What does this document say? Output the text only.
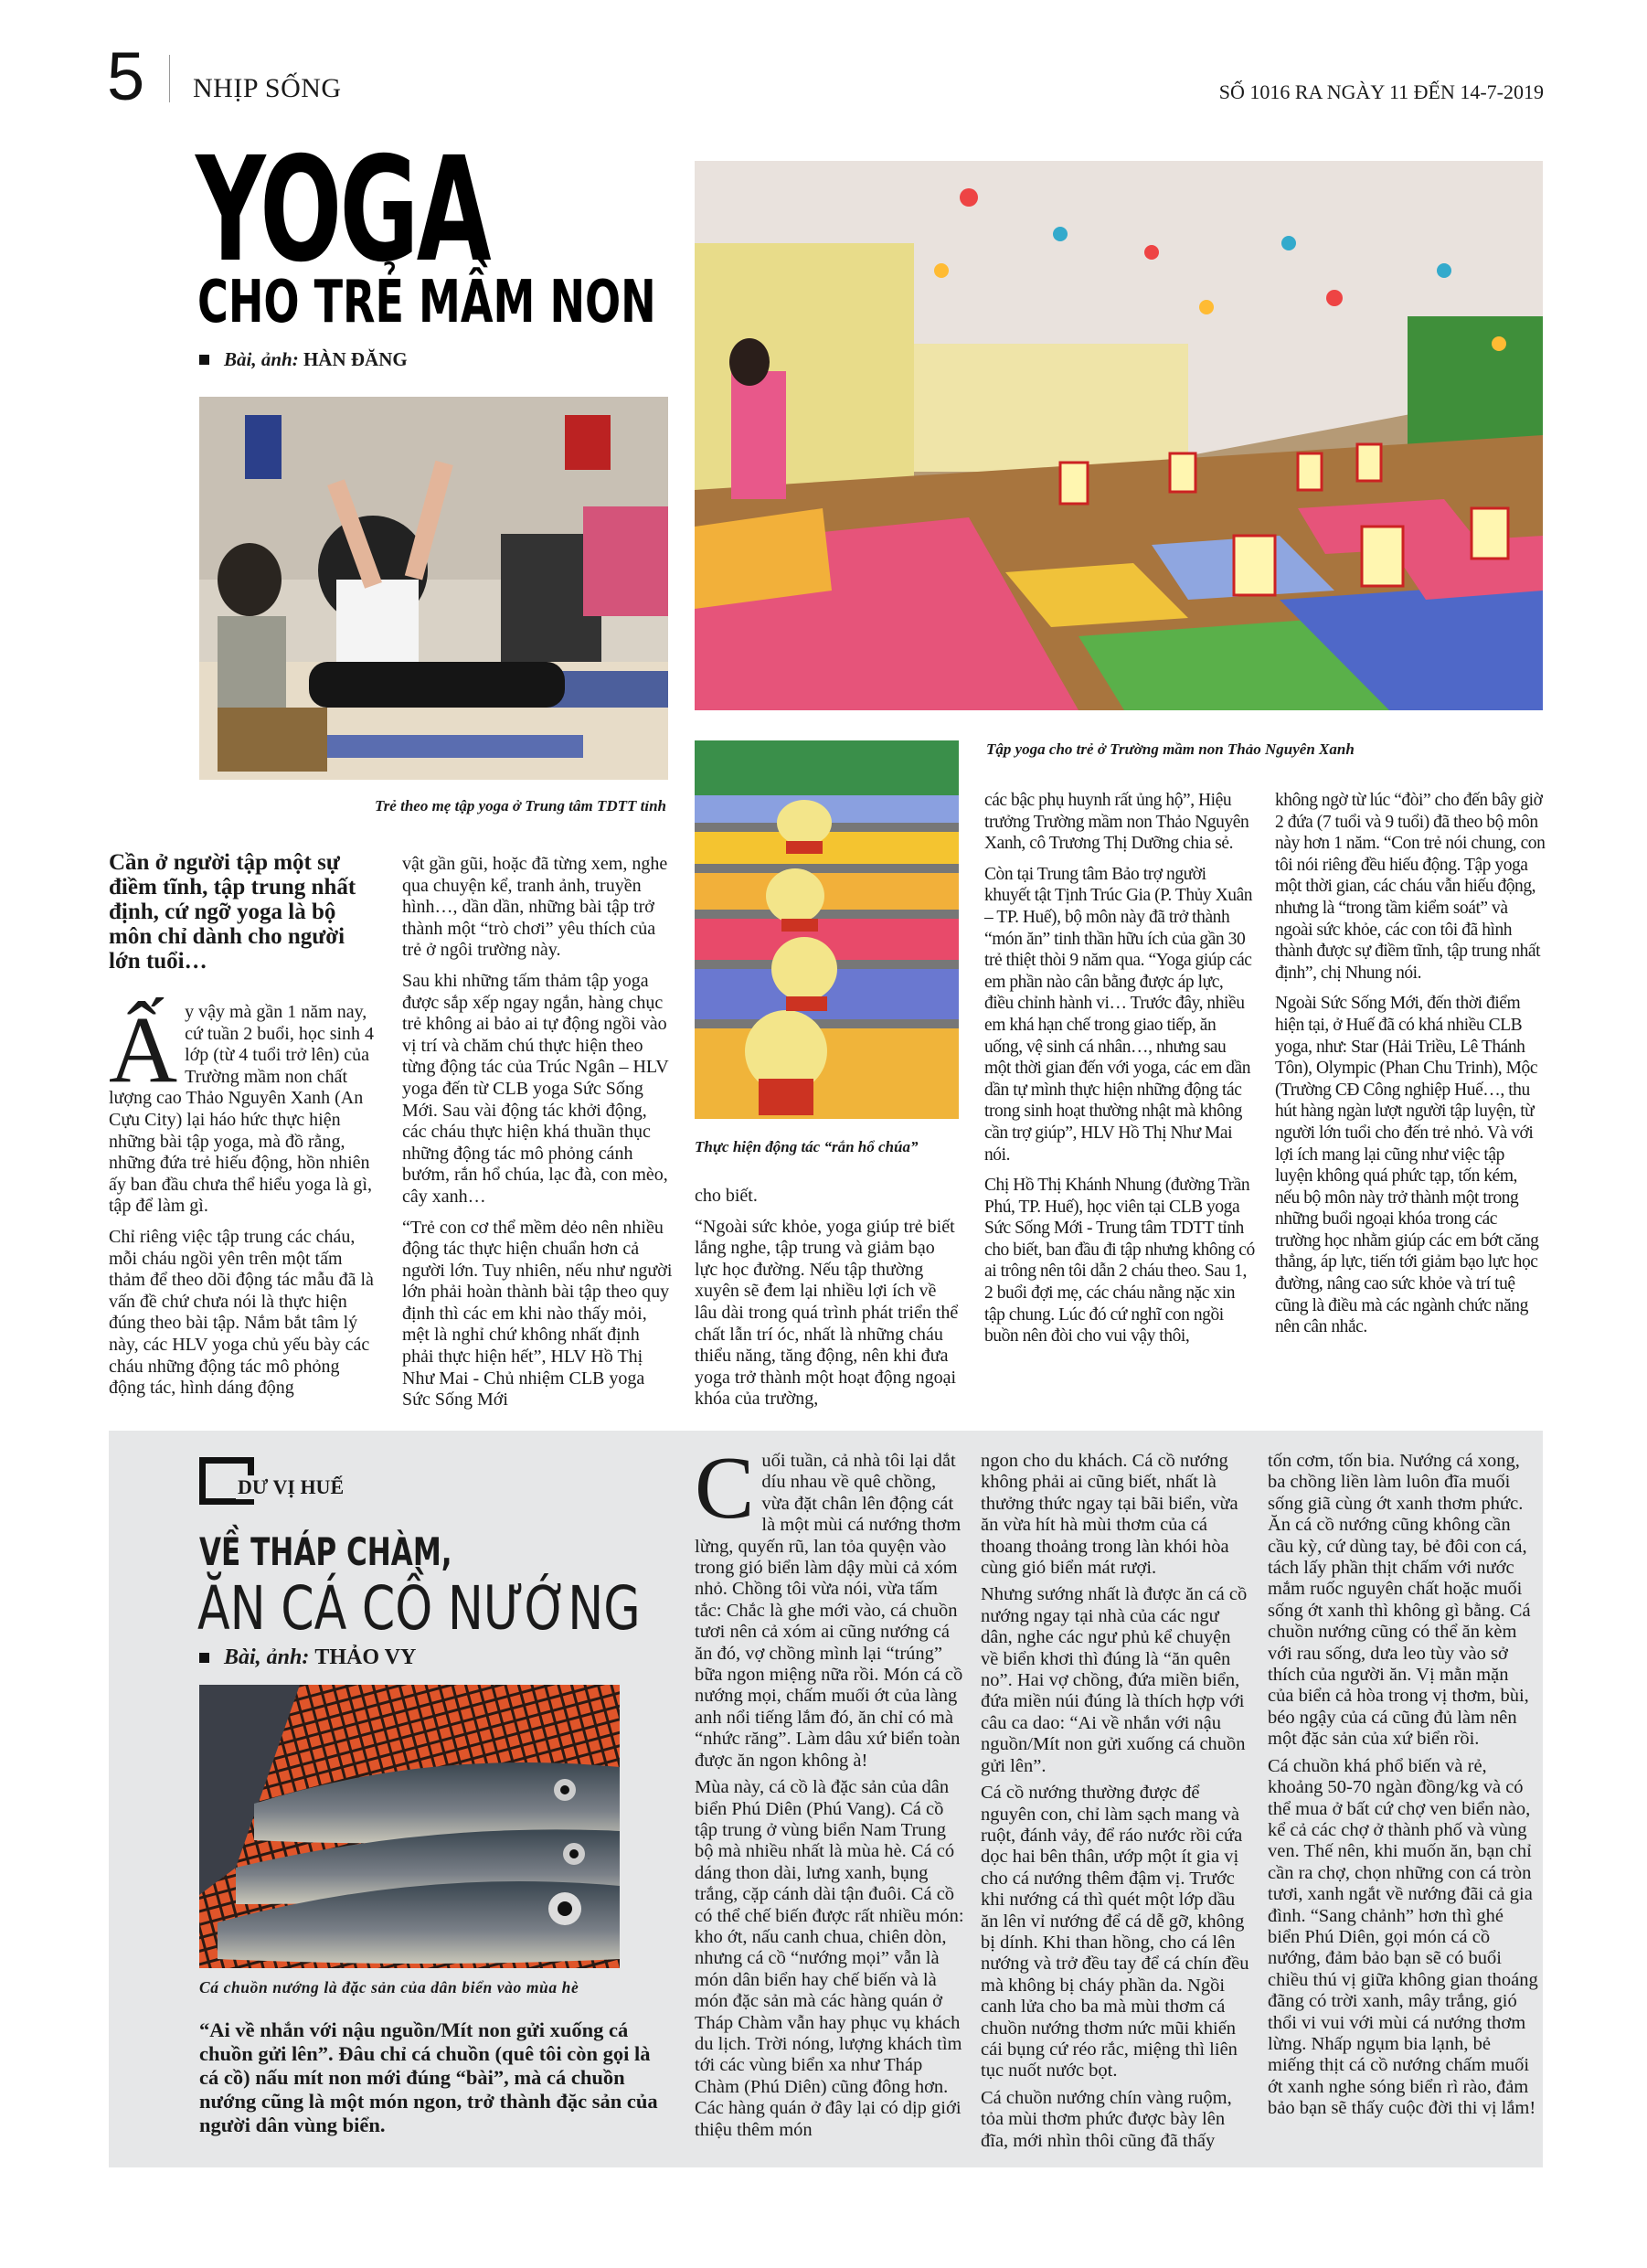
5 NHỊP SỐNG	SỐ 1016 RA NGÀY 11 ĐẾN 14-7-2019
YOGA
CHO TRẺ MẦM NON
Bài, ảnh: HÀN ĐĂNG
Trẻ theo mẹ tập yoga ở Trung tâm TDTT tỉnh
Tập yoga cho trẻ ở Trường mầm non Thảo Nguyên Xanh
Thực hiện động tác “rắn hổ chúa”
Cần ở người tập một sự điềm tĩnh, tập trung nhất định, cứ ngỡ yoga là bộ môn chỉ dành cho người lớn tuổi…

Ấy vậy mà gần 1 năm nay, cứ tuần 2 buổi, học sinh 4 lớp (từ 4 tuổi trở lên) của Trường mầm non chất lượng cao Thảo Nguyên Xanh (An Cựu City) lại háo hức thực hiện những bài tập yoga, mà đồ rằng, những đứa trẻ hiếu động, hồn nhiên ấy ban đầu chưa thể hiểu yoga là gì, tập để làm gì.

Chỉ riêng việc tập trung các cháu, mỗi cháu ngồi yên trên một tấm thảm để theo dõi động tác mẫu đã là vấn đề chứ chưa nói là thực hiện đúng theo bài tập. Nắm bắt tâm lý này, các HLV yoga chủ yếu bày các cháu những động tác mô phỏng động tác, hình dáng động

vật gần gũi, hoặc đã từng xem, nghe qua chuyện kể, tranh ảnh, truyền hình…, dần dần, những bài tập trở thành một “trò chơi” yêu thích của trẻ ở ngôi trường này.

Sau khi những tấm thảm tập yoga được sắp xếp ngay ngắn, hàng chục trẻ không ai bảo ai tự động ngồi vào vị trí và chăm chú thực hiện theo từng động tác của Trúc Ngân – HLV yoga đến từ CLB yoga Sức Sống Mới. Sau vài động tác khởi động, các cháu thực hiện khá thuần thục những động tác mô phỏng cánh bướm, rắn hổ chúa, lạc đà, con mèo, cây xanh…

“Trẻ con cơ thể mềm dẻo nên nhiều động tác thực hiện chuẩn hơn cả người lớn. Tuy nhiên, nếu như người lớn phải hoàn thành bài tập theo quy định thì các em khi nào thấy mỏi, mệt là nghỉ chứ không nhất định phải thực hiện hết”, HLV Hồ Thị Như Mai - Chủ nhiệm CLB yoga Sức Sống Mới

cho biết.

“Ngoài sức khỏe, yoga giúp trẻ biết lắng nghe, tập trung và giảm bạo lực học đường. Nếu tập thường xuyên sẽ đem lại nhiều lợi ích về lâu dài trong quá trình phát triển thể chất lẫn trí óc, nhất là những cháu thiểu năng, tăng động, nên khi đưa yoga trở thành một hoạt động ngoại khóa của trường,

các bậc phụ huynh rất ủng hộ”, Hiệu trưởng Trường mầm non Thảo Nguyên Xanh, cô Trương Thị Dưỡng chia sẻ.

Còn tại Trung tâm Bảo trợ người khuyết tật Tịnh Trúc Gia (P. Thủy Xuân – TP. Huế), bộ môn này đã trở thành “món ăn” tinh thần hữu ích của gần 30 trẻ thiệt thòi 9 năm qua. “Yoga giúp các em phần nào cân bằng được áp lực, điều chỉnh hành vi… Trước đây, nhiều em khá hạn chế trong giao tiếp, ăn uống, vệ sinh cá nhân…, nhưng sau một thời gian đến với yoga, các em dần dần tự mình thực hiện những động tác trong sinh hoạt thường nhật mà không cần trợ giúp”, HLV Hồ Thị Như Mai nói.

Chị Hồ Thị Khánh Nhung (đường Trần Phú, TP. Huế), học viên tại CLB yoga Sức Sống Mới - Trung tâm TDTT tỉnh cho biết, ban đầu đi tập nhưng không có ai trông nên tôi dẫn 2 cháu theo. Sau 1, 2 buổi đợi mẹ, các cháu nằng nặc xin tập chung. Lúc đó cứ nghĩ con ngồi buồn nên đòi cho vui vậy thôi,

không ngờ từ lúc “đòi” cho đến bây giờ 2 đứa (7 tuổi và 9 tuổi) đã theo bộ môn này hơn 1 năm. “Con trẻ nói chung, con tôi nói riêng đều hiếu động. Tập yoga một thời gian, các cháu vẫn hiếu động, nhưng là “trong tầm kiểm soát” và ngoài sức khỏe, các con tôi đã hình thành được sự điềm tĩnh, tập trung nhất định”, chị Nhung nói.

Ngoài Sức Sống Mới, đến thời điểm hiện tại, ở Huế đã có khá nhiều CLB yoga, như: Star (Hải Triều, Lê Thánh Tôn), Olympic (Phan Chu Trinh), Mộc (Trường CĐ Công nghiệp Huế…, thu hút hàng ngàn lượt người tập luyện, từ người lớn tuổi cho đến trẻ nhỏ. Và với lợi ích mang lại cũng như việc tập luyện không quá phức tạp, tốn kém, nếu bộ môn này trở thành một trong những buổi ngoại khóa trong các trường học nhằm giúp các em bớt căng thẳng, áp lực, tiến tới giảm bạo lực học đường, nâng cao sức khỏe và trí tuệ cũng là điều mà các ngành chức năng nên cân nhắc.

DƯ VỊ HUẾ
VỀ THÁP CHÀM,
ĂN CÁ CỒ NƯỚNG
Bài, ảnh: THẢO VY
Cá chuồn nướng là đặc sản của dân biển vào mùa hè
“Ai về nhắn với nậu nguồn/Mít non gửi xuống cá chuồn gửi lên”. Đâu chỉ cá chuồn (quê tôi còn gọi là cá cồ) nấu mít non mới đúng “bài”, mà cá chuồn nướng cũng là một món ngon, trở thành đặc sản của người dân vùng biển.

Cuối tuần, cả nhà tôi lại dắt díu nhau về quê chồng, vừa đặt chân lên động cát là một mùi cá nướng thơm lừng, quyến rũ, lan tỏa quyện vào trong gió biển làm dậy mùi cả xóm nhỏ. Chồng tôi vừa nói, vừa tấm tắc: Chắc là ghe mới vào, cá chuồn tươi nên cả xóm ai cũng nướng cá ăn đó, vợ chồng mình lại “trúng” bữa ngon miệng nữa rồi. Món cá cồ nướng mọi, chấm muối ớt của làng anh nổi tiếng lắm đó, ăn chỉ có mà “nhức răng”. Làm dâu xứ biển toàn được ăn ngon không à!

Mùa này, cá cồ là đặc sản của dân biển Phú Diên (Phú Vang). Cá cồ tập trung ở vùng biển Nam Trung bộ mà nhiều nhất là mùa hè. Cá có dáng thon dài, lưng xanh, bụng trắng, cặp cánh dài tận đuôi. Cá cồ có thể chế biến được rất nhiều món: kho ớt, nấu canh chua, chiên dòn, nhưng cá cồ “nướng mọi” vẫn là món dân biển hay chế biến và là món đặc sản mà các hàng quán ở Tháp Chàm vẫn hay phục vụ khách du lịch. Trời nóng, lượng khách tìm tới các vùng biển xa như Tháp Chàm (Phú Diên) cũng đông hơn. Các hàng quán ở đây lại có dịp giới thiệu thêm món

ngon cho du khách. Cá cồ nướng không phải ai cũng biết, nhất là thưởng thức ngay tại bãi biển, vừa ăn vừa hít hà mùi thơm của cá thoang thoảng trong làn khói hòa cùng gió biển mát rượi.

Nhưng sướng nhất là được ăn cá cồ nướng ngay tại nhà của các ngư dân, nghe các ngư phủ kể chuyện về biển khơi thì đúng là “ăn quên no”. Hai vợ chồng, đứa miền biển, đứa miền núi đúng là thích hợp với câu ca dao: “Ai về nhắn với nậu nguồn/Mít non gửi xuống cá chuồn gửi lên”.

Cá cồ nướng thường được để nguyên con, chỉ làm sạch mang và ruột, đánh vảy, để ráo nước rồi cứa dọc hai bên thân, ướp một ít gia vị cho cá nướng thêm đậm vị. Trước khi nướng cá thì quét một lớp dầu ăn lên vỉ nướng để cá dễ gỡ, không bị dính. Khi than hồng, cho cá lên nướng và trở đều tay để cá chín đều mà không bị cháy phần da. Ngồi canh lửa cho ba mà mùi thơm cá chuồn nướng thơm nức mũi khiến cái bụng cứ réo rắc, miệng thì liên tục nuốt nước bọt.

Cá chuồn nướng chín vàng ruộm, tỏa mùi thơm phức được bày lên đĩa, mới nhìn thôi cũng đã thấy

tốn cơm, tốn bia. Nướng cá xong, ba chồng liền làm luôn đĩa muối sống giã cùng ớt xanh thơm phức. Ăn cá cồ nướng cũng không cần cầu kỳ, cứ dùng tay, bẻ đôi con cá, tách lấy phần thịt chấm với nước mắm ruốc nguyên chất hoặc muối sống ớt xanh thì không gì bằng. Cá chuồn nướng cũng có thể ăn kèm với rau sống, dưa leo tùy vào sở thích của người ăn. Vị mằn mặn của biển cả hòa trong vị thơm, bùi, béo ngậy của cá cũng đủ làm nên một đặc sản của xứ biển rồi.

Cá chuồn khá phổ biến và rẻ, khoảng 50-70 ngàn đồng/kg và có thể mua ở bất cứ chợ ven biển nào, kể cả các chợ ở thành phố và vùng ven. Thế nên, khi muốn ăn, bạn chỉ cần ra chợ, chọn những con cá tròn tươi, xanh ngắt về nướng đãi cả gia đình. “Sang chảnh” hơn thì ghé biển Phú Diên, gọi món cá cồ nướng, đảm bảo bạn sẽ có buổi chiều thú vị giữa không gian thoáng đãng có trời xanh, mây trắng, gió thổi vi vui với mùi cá nướng thơm lừng. Nhấp ngụm bia lạnh, bẻ miếng thịt cá cồ nướng chấm muối ớt xanh nghe sóng biển rì rào, đảm bảo bạn sẽ thấy cuộc đời thi vị lắm!
